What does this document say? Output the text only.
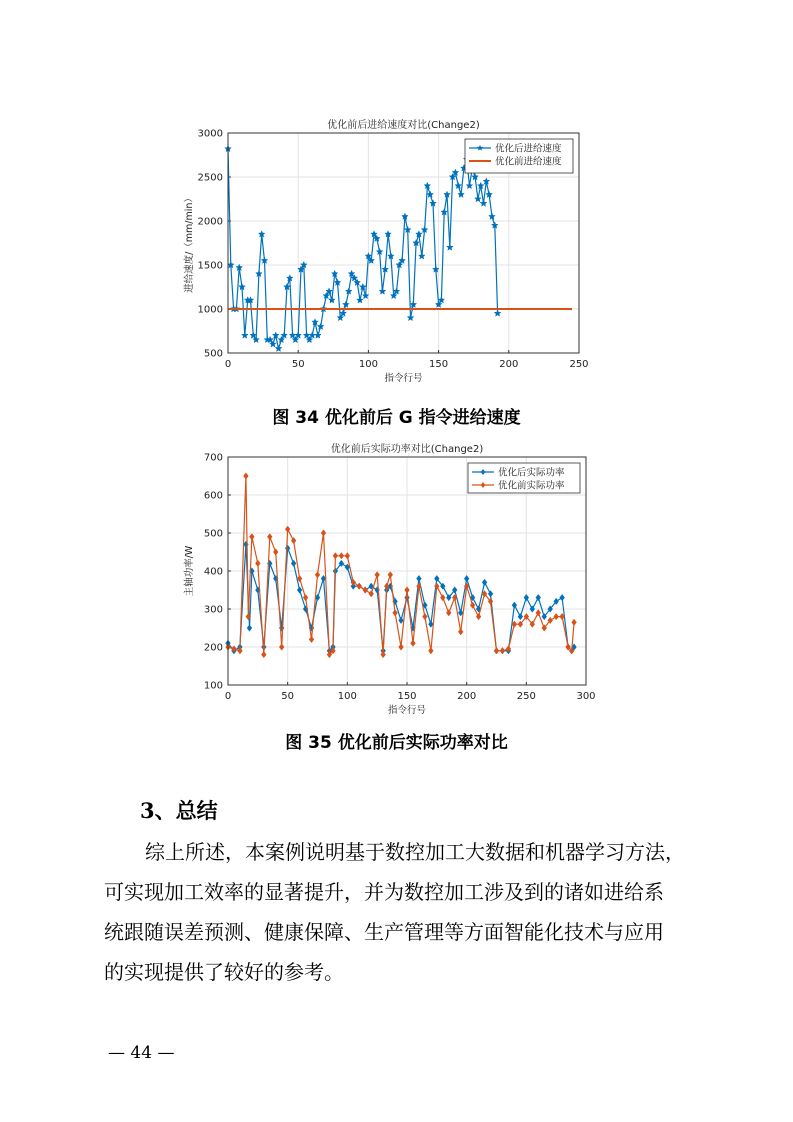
0	50	100	150	200	250
500
1000
1500
2000
2500
3000
优化前后进给速度对比(Change2)
指令行号
进给速度/（mm/min）
优化后进给速度
优化前进给速度
图 34 优化前后 G 指令进给速度
0	50	100	150	200	250	300
100
200
300
400
500
600
700
优化前后实际功率对比(Change2)
指令行号
主轴功率/W
优化后实际功率
优化前实际功率
图 35 优化前后实际功率对比
3、总结

综上所述，本案例说明基于数控加工大数据和机器学习方法，
可实现加工效率的显著提升，并为数控加工涉及到的诸如进给系
统跟随误差预测、健康保障、生产管理等方面智能化技术与应用
的实现提供了较好的参考。

— 44 —
